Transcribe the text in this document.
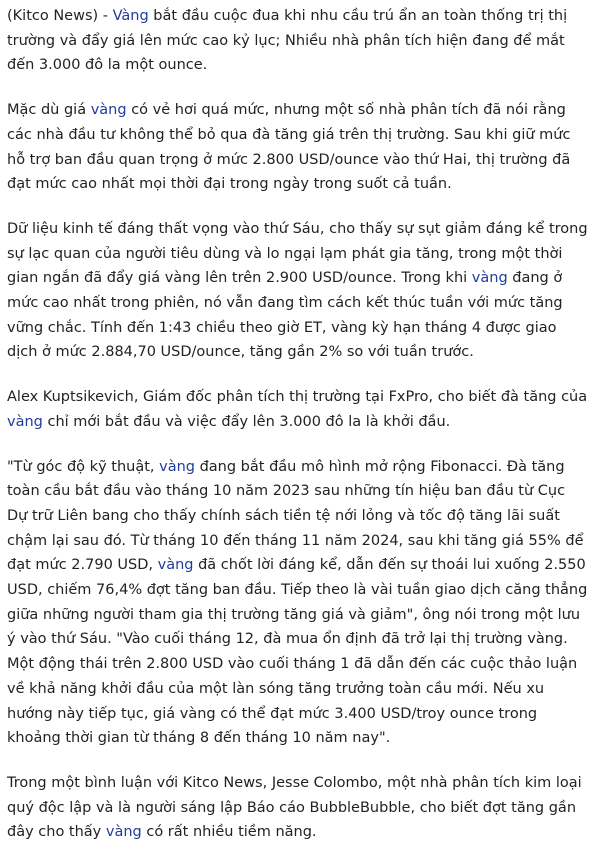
(Kitco News) - Vàng bắt đầu cuộc đua khi nhu cầu trú ẩn an toàn thống trị thị trường và đẩy giá lên mức cao kỷ lục; Nhiều nhà phân tích hiện đang để mắt đến 3.000 đô la một ounce.

Mặc dù giá vàng có vẻ hơi quá mức, nhưng một số nhà phân tích đã nói rằng các nhà đầu tư không thể bỏ qua đà tăng giá trên thị trường. Sau khi giữ mức hỗ trợ ban đầu quan trọng ở mức 2.800 USD/ounce vào thứ Hai, thị trường đã đạt mức cao nhất mọi thời đại trong ngày trong suốt cả tuần.

Dữ liệu kinh tế đáng thất vọng vào thứ Sáu, cho thấy sự sụt giảm đáng kể trong sự lạc quan của người tiêu dùng và lo ngại lạm phát gia tăng, trong một thời gian ngắn đã đẩy giá vàng lên trên 2.900 USD/ounce. Trong khi vàng đang ở mức cao nhất trong phiên, nó vẫn đang tìm cách kết thúc tuần với mức tăng vững chắc. Tính đến 1:43 chiều theo giờ ET, vàng kỳ hạn tháng 4 được giao dịch ở mức 2.884,70 USD/ounce, tăng gần 2% so với tuần trước.

Alex Kuptsikevich, Giám đốc phân tích thị trường tại FxPro, cho biết đà tăng của vàng chỉ mới bắt đầu và việc đẩy lên 3.000 đô la là khởi đầu.

"Từ góc độ kỹ thuật, vàng đang bắt đầu mô hình mở rộng Fibonacci. Đà tăng toàn cầu bắt đầu vào tháng 10 năm 2023 sau những tín hiệu ban đầu từ Cục Dự trữ Liên bang cho thấy chính sách tiền tệ nới lỏng và tốc độ tăng lãi suất chậm lại sau đó. Từ tháng 10 đến tháng 11 năm 2024, sau khi tăng giá 55% để đạt mức 2.790 USD, vàng đã chốt lời đáng kể, dẫn đến sự thoái lui xuống 2.550 USD, chiếm 76,4% đợt tăng ban đầu. Tiếp theo là vài tuần giao dịch căng thẳng giữa những người tham gia thị trường tăng giá và giảm", ông nói trong một lưu ý vào thứ Sáu. "Vào cuối tháng 12, đà mua ổn định đã trở lại thị trường vàng. Một động thái trên 2.800 USD vào cuối tháng 1 đã dẫn đến các cuộc thảo luận về khả năng khởi đầu của một làn sóng tăng trưởng toàn cầu mới. Nếu xu hướng này tiếp tục, giá vàng có thể đạt mức 3.400 USD/troy ounce trong khoảng thời gian từ tháng 8 đến tháng 10 năm nay".

Trong một bình luận với Kitco News, Jesse Colombo, một nhà phân tích kim loại quý độc lập và là người sáng lập Báo cáo BubbleBubble, cho biết đợt tăng gần đây cho thấy vàng có rất nhiều tiềm năng.
